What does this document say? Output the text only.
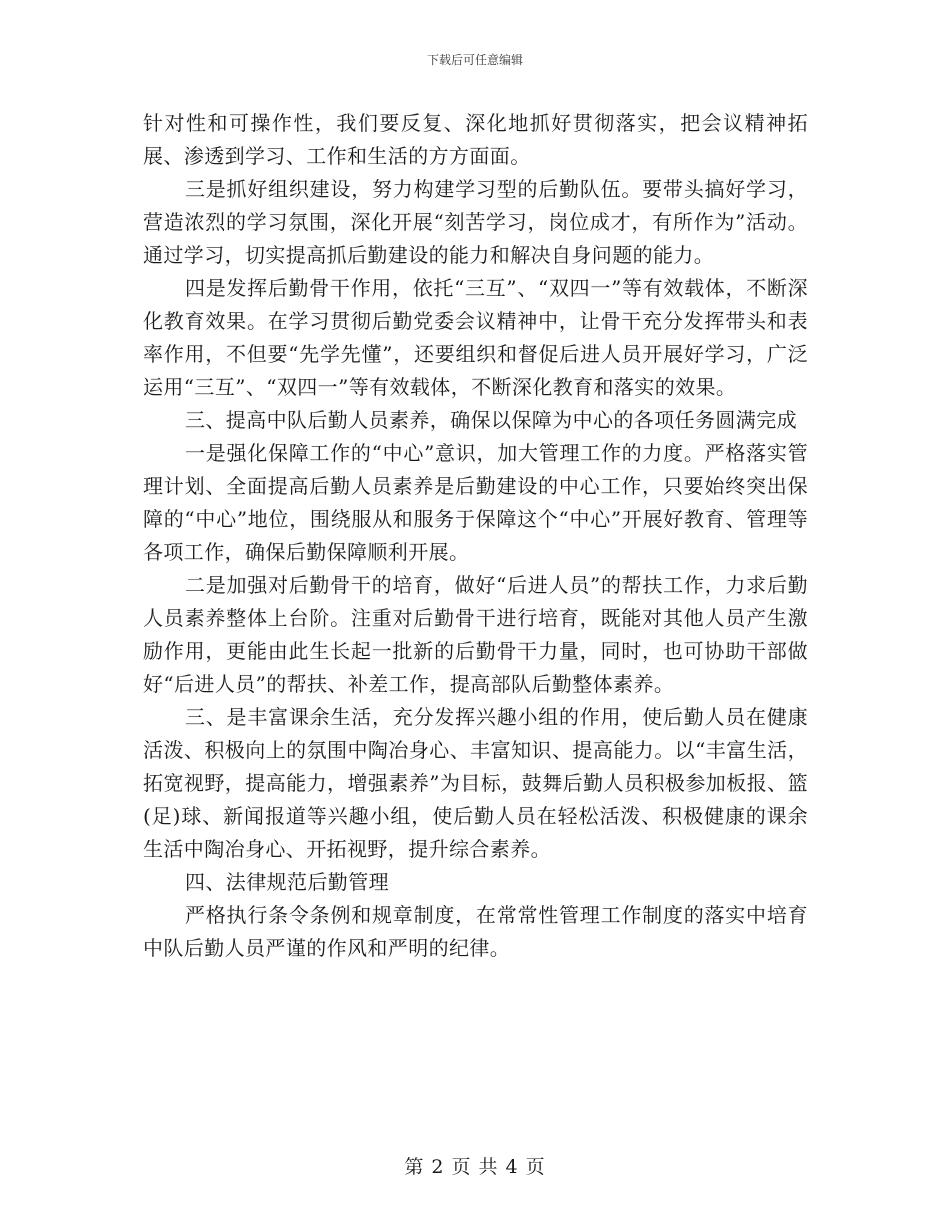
下载后可任意编辑

针对性和可操作性，我们要反复、深化地抓好贯彻落实，把会议精神拓展、渗透到学习、工作和生活的方方面面。

三是抓好组织建设，努力构建学习型的后勤队伍。要带头搞好学习，营造浓烈的学习氛围，深化开展“刻苦学习，岗位成才，有所作为”活动。通过学习，切实提高抓后勤建设的能力和解决自身问题的能力。

四是发挥后勤骨干作用，依托“三互”、“双四一”等有效载体，不断深化教育效果。在学习贯彻后勤党委会议精神中，让骨干充分发挥带头和表率作用，不但要“先学先懂”，还要组织和督促后进人员开展好学习，广泛运用“三互”、“双四一”等有效载体，不断深化教育和落实的效果。

三、提高中队后勤人员素养，确保以保障为中心的各项任务圆满完成

一是强化保障工作的“中心”意识，加大管理工作的力度。严格落实管理计划、全面提高后勤人员素养是后勤建设的中心工作，只要始终突出保障的“中心”地位，围绕服从和服务于保障这个“中心”开展好教育、管理等各项工作，确保后勤保障顺利开展。

二是加强对后勤骨干的培育，做好“后进人员”的帮扶工作，力求后勤人员素养整体上台阶。注重对后勤骨干进行培育，既能对其他人员产生激励作用，更能由此生长起一批新的后勤骨干力量，同时，也可协助干部做好“后进人员”的帮扶、补差工作，提高部队后勤整体素养。

三、是丰富课余生活，充分发挥兴趣小组的作用，使后勤人员在健康活泼、积极向上的氛围中陶冶身心、丰富知识、提高能力。以“丰富生活，拓宽视野，提高能力，增强素养”为目标，鼓舞后勤人员积极参加板报、篮(足)球、新闻报道等兴趣小组，使后勤人员在轻松活泼、积极健康的课余生活中陶冶身心、开拓视野，提升综合素养。

四、法律规范后勤管理

严格执行条令条例和规章制度，在常常性管理工作制度的落实中培育中队后勤人员严谨的作风和严明的纪律。

第 2 页 共 4 页
